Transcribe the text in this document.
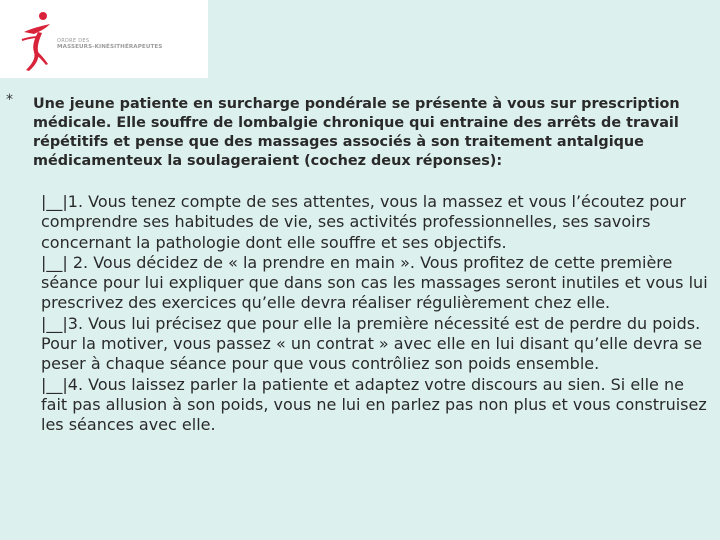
ORDRE DES
MASSEURS-KINÉSITHÉRAPEUTES
* Une jeune patiente en surcharge pondérale se présente à vous sur prescription médicale. Elle souffre de lombalgie chronique qui entraine des arrêts de travail répétitifs et pense que des massages associés à son traitement antalgique médicamenteux la soulageraient (cochez deux réponses):
|__|1. Vous tenez compte de ses attentes, vous la massez et vous l’écoutez pour comprendre ses habitudes de vie, ses activités professionnelles, ses savoirs concernant la pathologie dont elle souffre et ses objectifs.
|__| 2. Vous décidez de « la prendre en main ». Vous profitez de cette première séance pour lui expliquer que dans son cas les massages seront inutiles et vous lui prescrivez des exercices qu’elle devra réaliser régulièrement chez elle.
|__|3. Vous lui précisez que pour elle la première nécessité est de perdre du poids. Pour la motiver, vous passez « un contrat » avec elle en lui disant qu’elle devra se peser à chaque séance pour que vous contrôliez son poids ensemble.
|__|4. Vous laissez parler la patiente et adaptez votre discours au sien. Si elle ne fait pas allusion à son poids, vous ne lui en parlez pas non plus et vous construisez les séances avec elle.
